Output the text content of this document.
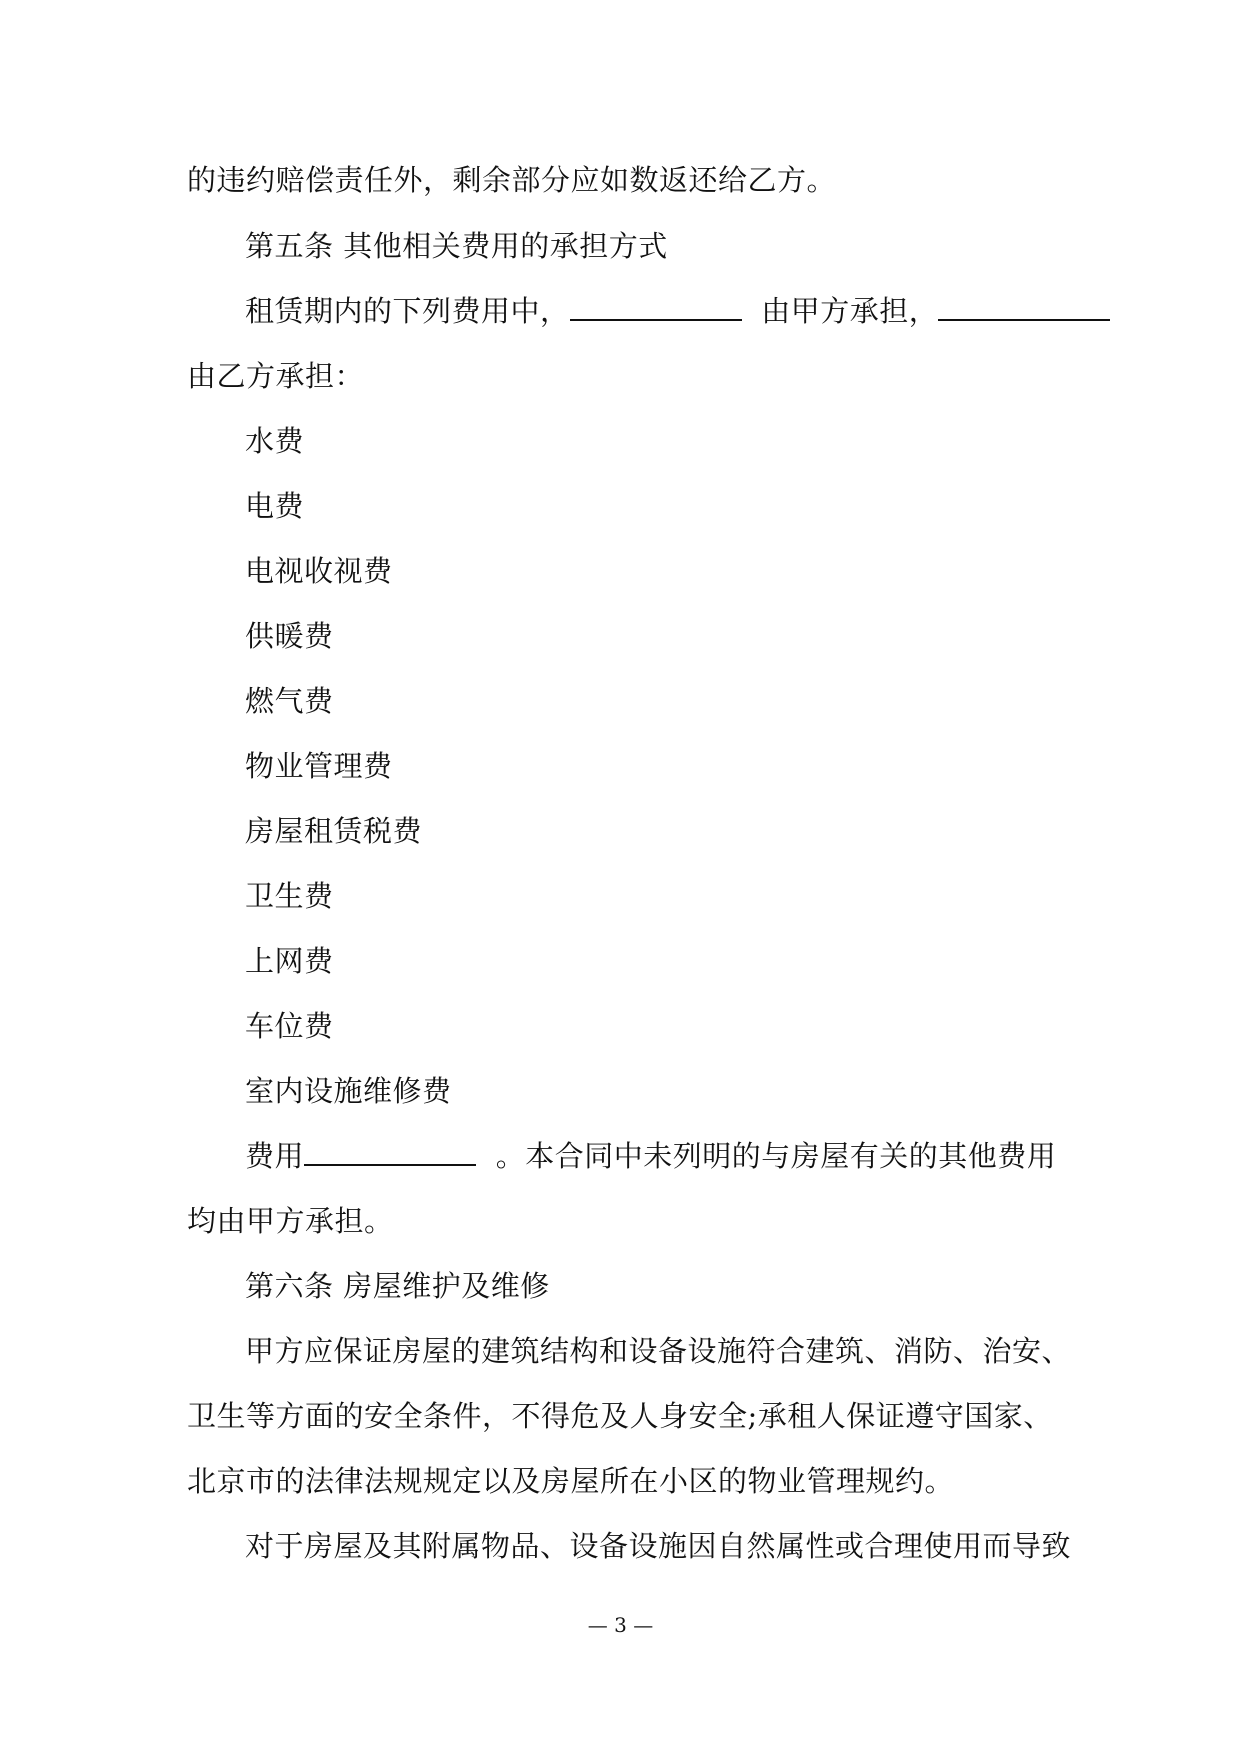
的违约赔偿责任外，剩余部分应如数返还给乙方。
第五条 其他相关费用的承担方式
租赁期内的下列费用中，	由甲方承担，
由乙方承担：
水费
电费
电视收视费
供暖费
燃气费
物业管理费
房屋租赁税费
卫生费
上网费
车位费
室内设施维修费
费用	。本合同中未列明的与房屋有关的其他费用
均由甲方承担。
第六条 房屋维护及维修
甲方应保证房屋的建筑结构和设备设施符合建筑、消防、治安、
卫生等方面的安全条件，不得危及人身安全;承租人保证遵守国家、
北京市的法律法规规定以及房屋所在小区的物业管理规约。
对于房屋及其附属物品、设备设施因自然属性或合理使用而导致
— 3 —
